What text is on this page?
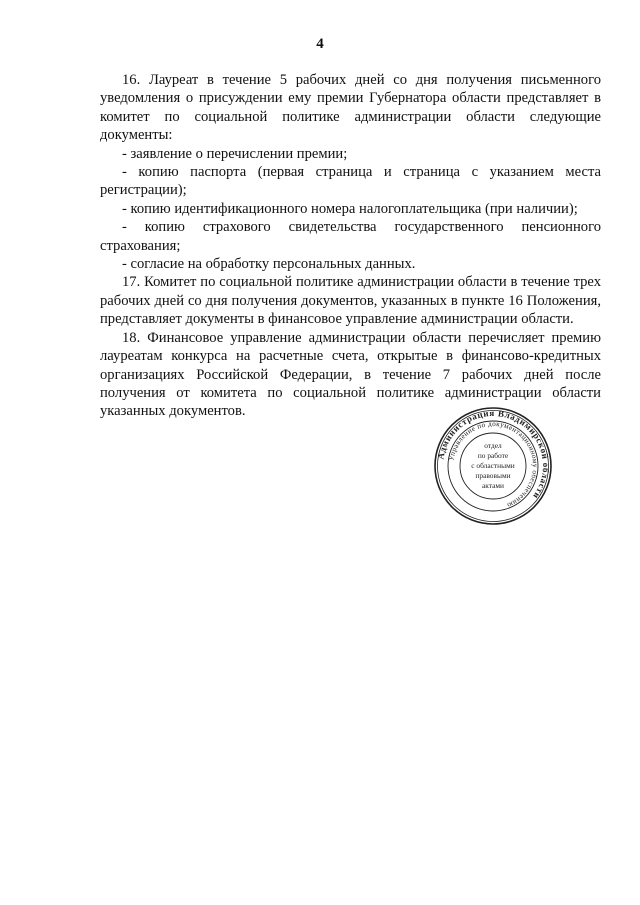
4

16. Лауреат в течение 5 рабочих дней со дня получения письменного уведомления о присуждении ему премии Губернатора области представляет в комитет по социальной политике администрации области следующие документы:

- заявление о перечислении премии;

- копию паспорта (первая страница и страница с указанием места регистрации);

- копию идентификационного номера налогоплательщика (при наличии);

- копию страхового свидетельства государственного пенсионного страхования;

- согласие на обработку персональных данных.

17. Комитет по социальной политике администрации области в течение трех рабочих дней со дня получения документов, указанных в пункте 16 Положения, представляет документы в финансовое управление администрации области.

18. Финансовое управление администрации области перечисляет премию лауреатам конкурса на расчетные счета, открытые в финансово-кредитных организациях Российской Федерации, в течение 7 рабочих дней после получения от комитета по социальной политике администрации области указанных документов.

Администрация Владимирской области
Управление по документационному обеспечению
отдел
по работе
с областными
правовыми
актами
